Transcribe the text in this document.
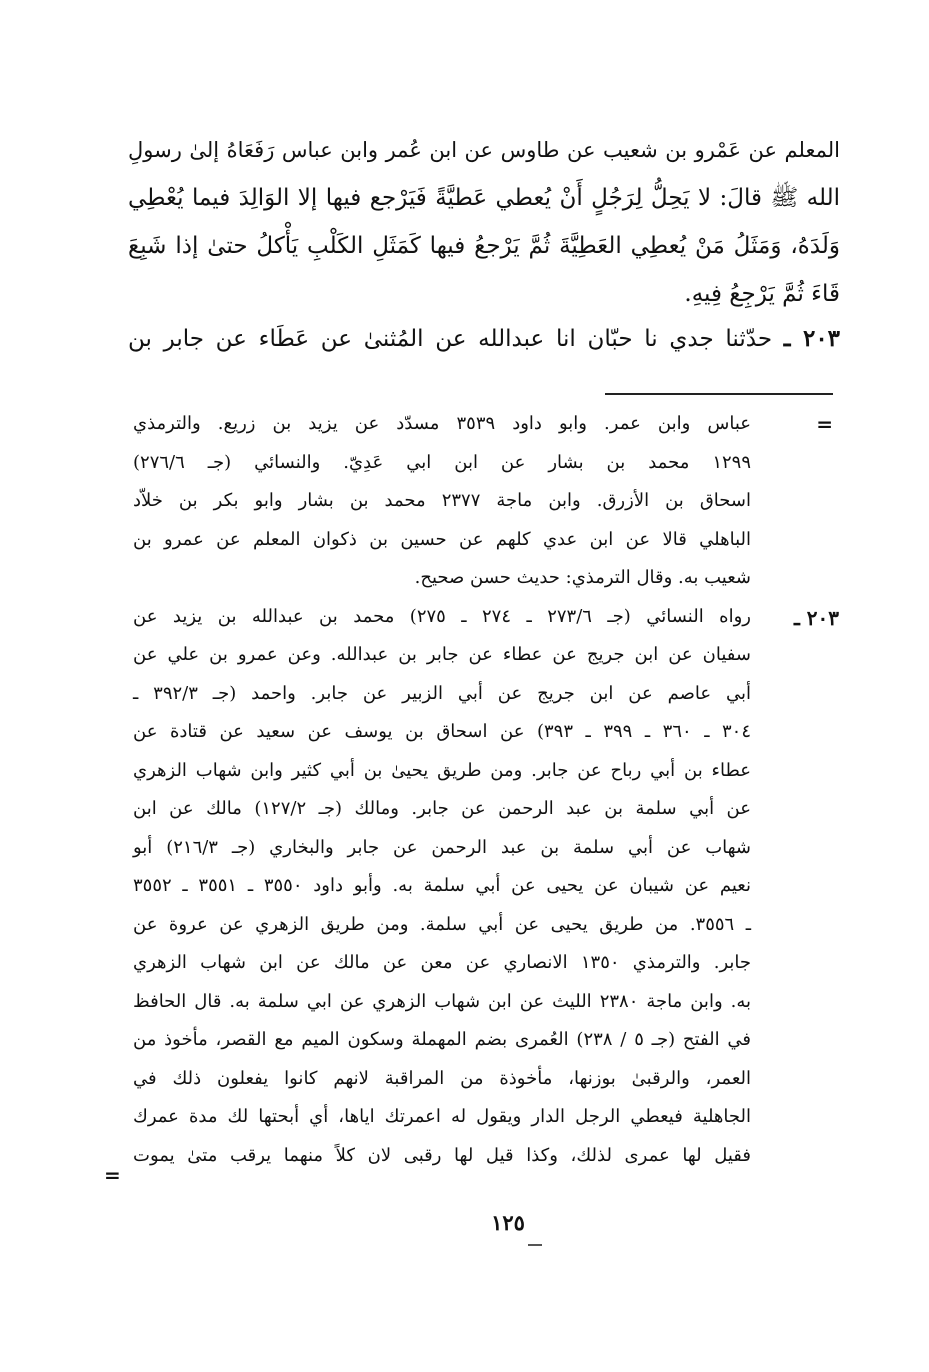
المعلم عن عَمْرو بن شعيب عن طاوس عن ابن عُمر وابن عباس رَفَعَاهُ إلىٰ رسولِ
الله ﷺ قالَ: لا يَحِلُّ لِرَجُلٍ أَنْ يُعطي عَطيَّةً فَيَرْجع فيها إلا الوَالِدَ فيما يُعْطِي
وَلَدَهُ، وَمَثَلُ مَنْ يُعطِي العَطِيَّةَ ثُمَّ يَرْجعُ فيها كَمَثَلِ الكَلْبِ يَأْكلُ حتىٰ إذا شَبِعَ
قَاءَ ثُمَّ يَرْجِعُ فِيهِ.
٢٠٣ ـ حدّثنا جدي نا حبّان انا عبدالله عن المُثنىٰ عن عَطَاء عن جابر بن
=
٢٠٣ ـ
عباس وابن عمر. وابو داود ٣٥٣٩ مسدّد عن يزيد بن زريع. والترمذي
١٢٩٩ محمد بن بشار عن ابن ابي عَدِيّ. والنسائي (جـ ٢٧٦/٦)
اسحاق بن الأزرق. وابن ماجة ٢٣٧٧ محمد بن بشار وابو بكر بن خلاّد
الباهلي قالا عن ابن عدي كلهم عن حسين بن ذكوان المعلم عن عمرو بن
شعيب به. وقال الترمذي: حديث حسن صحيح.
رواه النسائي (جـ ٢٧٣/٦ ـ ٢٧٤ ـ ٢٧٥) محمد بن عبدالله بن يزيد عن
سفيان عن ابن جريج عن عطاء عن جابر بن عبدالله. وعن عمرو بن علي عن
أبي عاصم عن ابن جريج عن أبي الزبير عن جابر. واحمد (جـ ٣٩٢/٣ ـ
٣٠٤ ـ ٣٦٠ ـ ٣٩٩ ـ ٣٩٣) عن اسحاق بن يوسف عن سعيد عن قتادة عن
عطاء بن أبي رباح عن جابر. ومن طريق يحيىٰ بن أبي كثير وابن شهاب الزهري
عن أبي سلمة بن عبد الرحمن عن جابر. ومالك (جـ ١٢٧/٢) مالك عن ابن
شهاب عن أبي سلمة بن عبد الرحمن عن جابر والبخاري (جـ ٢١٦/٣) أبو
نعيم عن شيبان عن يحيى عن أبي سلمة به. وأبو داود ٣٥٥٠ ـ ٣٥٥١ ـ ٣٥٥٢
ـ ٣٥٥٦. من طريق يحيى عن أبي سلمة. ومن طريق الزهري عن عروة عن
جابر. والترمذي ١٣٥٠ الانصاري عن معن عن مالك عن ابن شهاب الزهري
به. وابن ماجة ٢٣٨٠ الليث عن ابن شهاب الزهري عن ابي سلمة به. قال الحافظ
في الفتح (جـ ٥ / ٢٣٨) العُمرى بضم المهملة وسكون الميم مع القصر، مأخوذ من
العمر، والرقبىٰ بوزنها، مأخوذة من المراقبة لانهم كانوا يفعلون ذلك في
الجاهلية فيعطي الرجل الدار ويقول له اعمرتك اياها، أي أبحتها لك مدة عمرك
فقيل لها عمرى لذلك، وكذا قيل لها رقبى لان كلاً منهما يرقب متىٰ يموت
=
١٢٥
